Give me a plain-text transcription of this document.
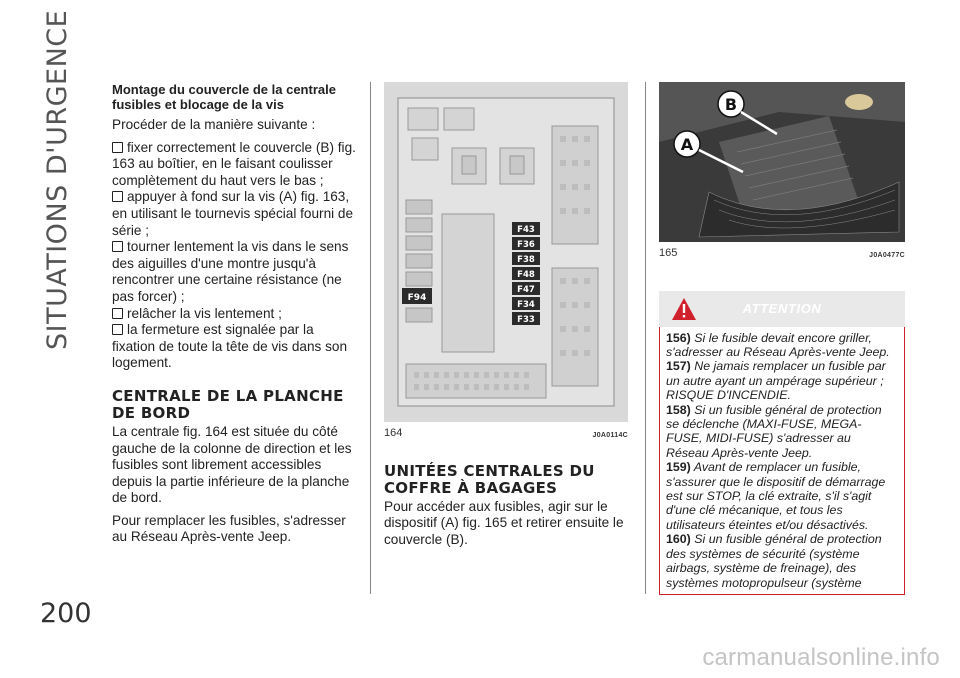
SITUATIONS D'URGENCE
200
Montage du couvercle de la centrale fusibles et blocage de la vis

Procéder de la manière suivante :

fixer correctement le couvercle (B) fig. 163 au boîtier, en le faisant coulisser complètement du haut vers le bas ;
appuyer à fond sur la vis (A) fig. 163, en utilisant le tournevis spécial fourni de série ;
tourner lentement la vis dans le sens des aiguilles d'une montre jusqu'à rencontrer une certaine résistance (ne pas forcer) ;
relâcher la vis lentement ;
la fermeture est signalée par la fixation de toute la tête de vis dans son logement.
CENTRALE DE LA PLANCHE DE BORD

La centrale fig. 164 est située du côté gauche de la colonne de direction et les fusibles sont librement accessibles depuis la partie inférieure de la planche de bord.

Pour remplacer les fusibles, s'adresser au Réseau Après-vente Jeep.

F94
F43
F36
F38
F48
F47
F34
F33
164	J0A0114C
UNITÉES CENTRALES DU COFFRE À BAGAGES

Pour accéder aux fusibles, agir sur le dispositif (A) fig. 165 et retirer ensuite le couvercle (B).

B
A
165	J0A0477C
ATTENTION

156) Si le fusible devait encore griller, s'adresser au Réseau Après-vente Jeep.

157) Ne jamais remplacer un fusible par un autre ayant un ampérage supérieur ; RISQUE D'INCENDIE.

158) Si un fusible général de protection se déclenche (MAXI-FUSE, MEGA-FUSE, MIDI-FUSE) s'adresser au Réseau Après-vente Jeep.

159) Avant de remplacer un fusible, s'assurer que le dispositif de démarrage est sur STOP, la clé extraite, s'il s'agit d'une clé mécanique, et tous les utilisateurs éteintes et/ou désactivés.

160) Si un fusible général de protection des systèmes de sécurité (système airbags, système de freinage), des systèmes motopropulseur (système

carmanualsonline.info
